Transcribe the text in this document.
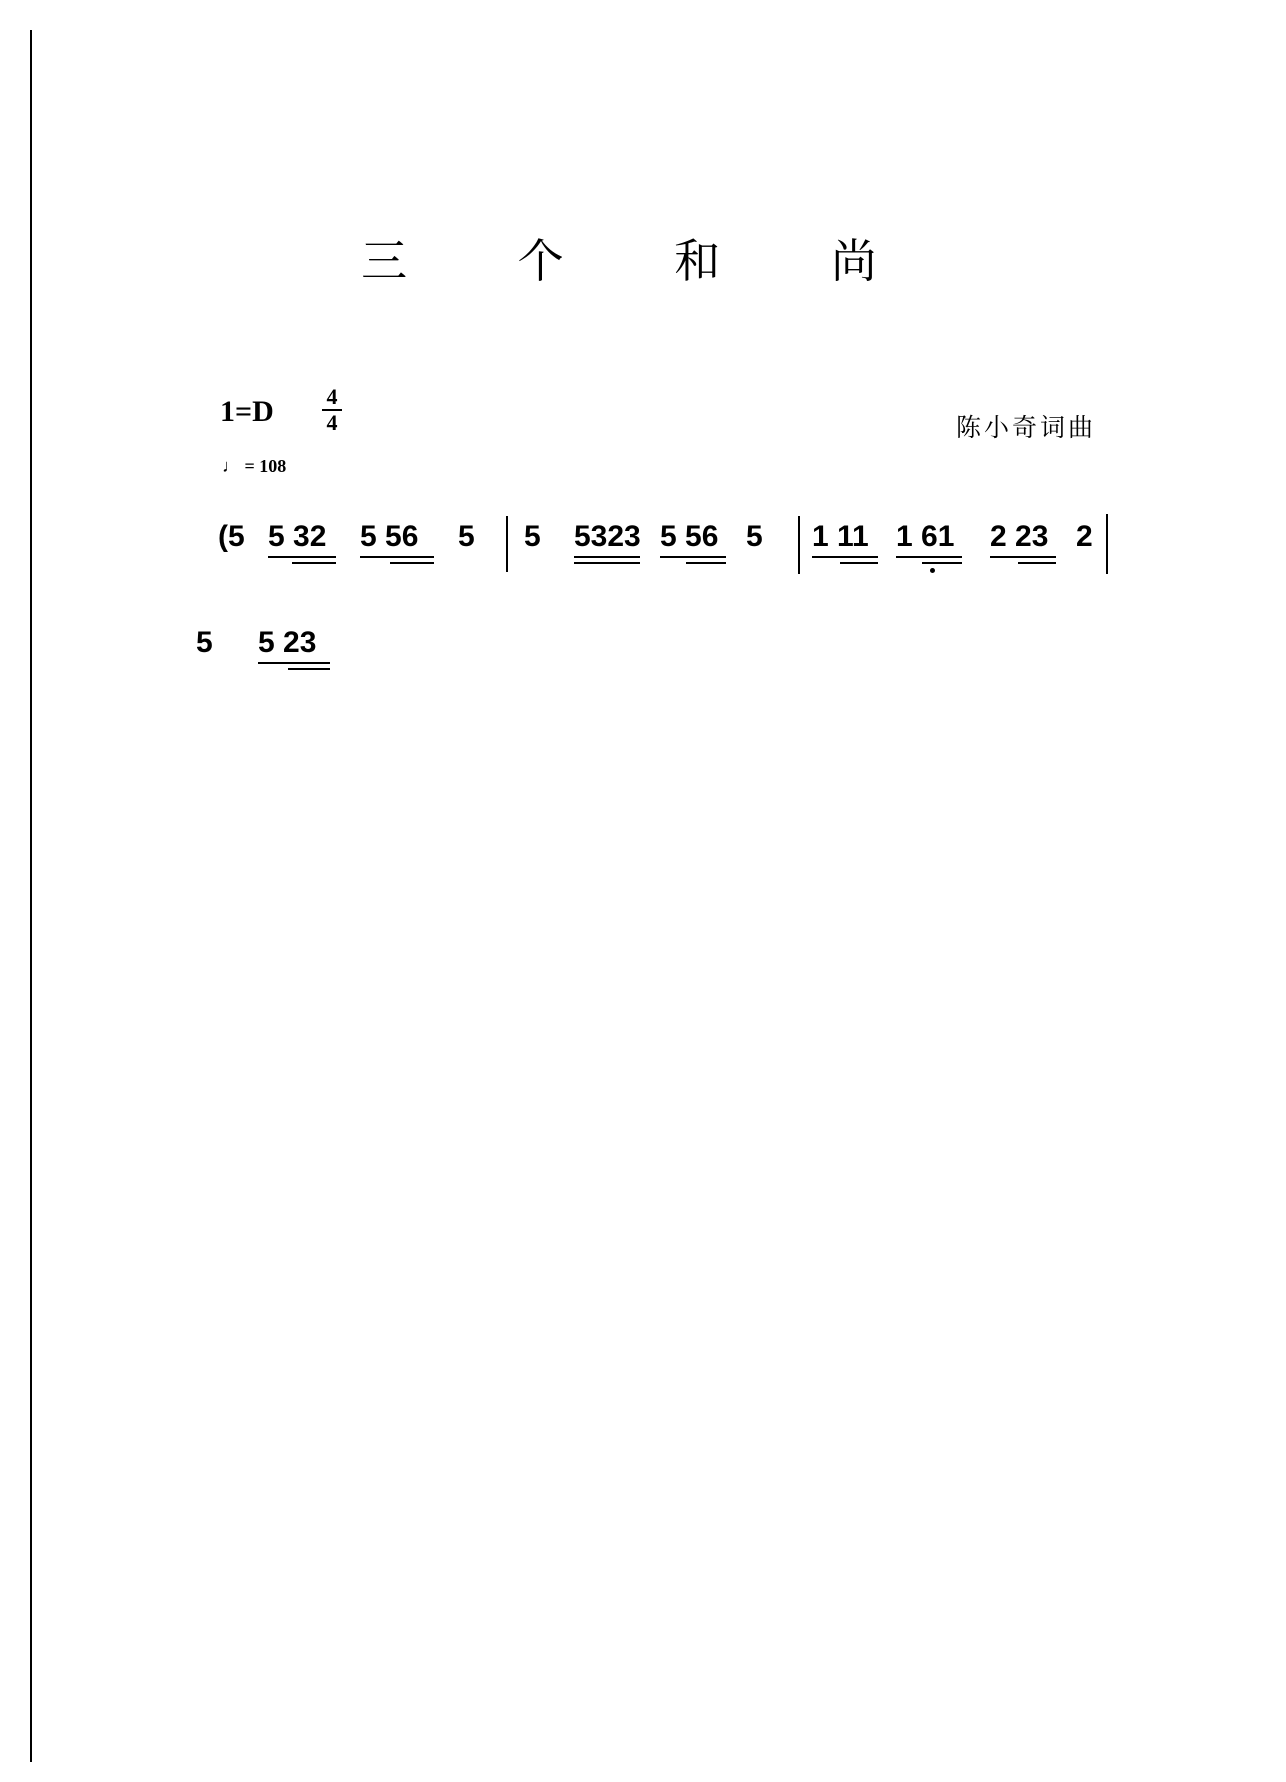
三 个 和 尚
1=D 4
4	陈小奇词曲
♩ = 108
(5 5 32 5 56 5 5 5323 5 56 5 1 11 1 61 2 23 2
5 5 23
